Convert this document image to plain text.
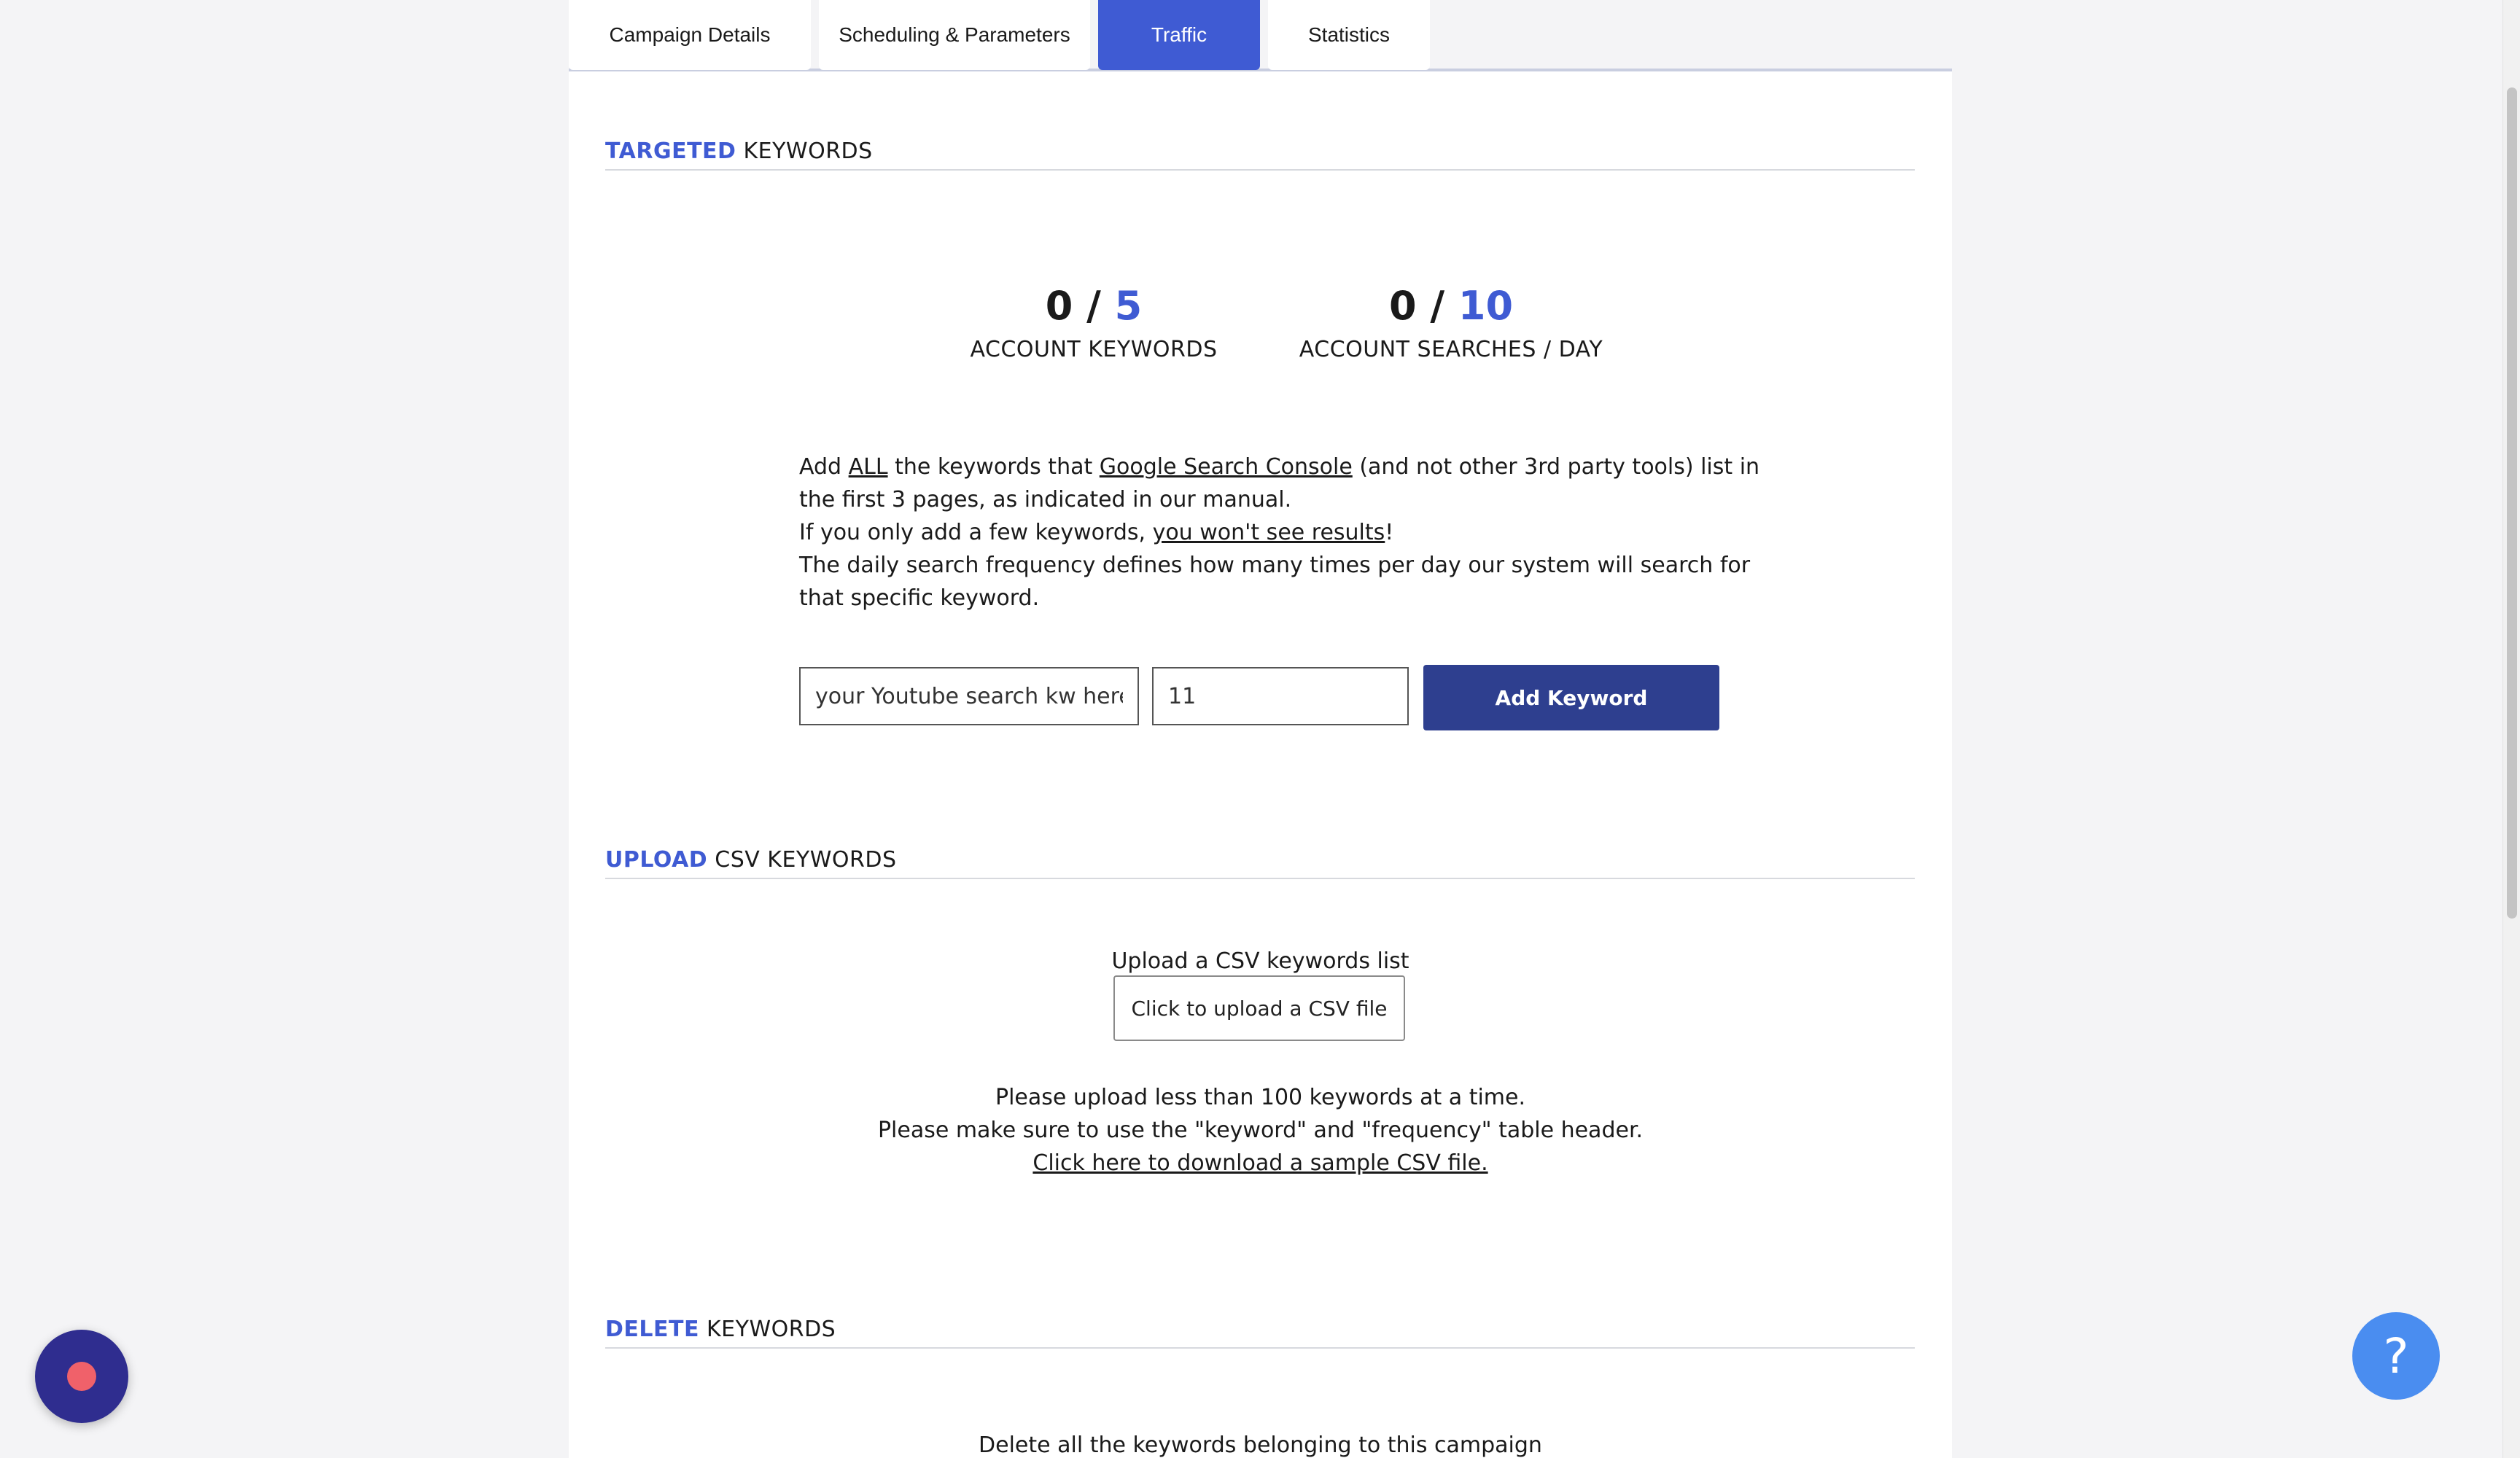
Campaign Details	Scheduling & Parameters	Traffic	Statistics
TARGETED KEYWORDS
0 / 5
ACCOUNT KEYWORDS
0 / 10
ACCOUNT SEARCHES / DAY
Add ALL the keywords that Google Search Console (and not other 3rd party tools) list in the first 3 pages, as indicated in our manual.
If you only add a few keywords, you won't see results!
The daily search frequency defines how many times per day our system will search for that specific keyword.
your Youtube search kw here
11
Add Keyword
UPLOAD CSV KEYWORDS
Upload a CSV keywords list
Click to upload a CSV file
Please upload less than 100 keywords at a time.
Please make sure to use the "keyword" and "frequency" table header.
Click here to download a sample CSV file.
DELETE KEYWORDS
Delete all the keywords belonging to this campaign
?
